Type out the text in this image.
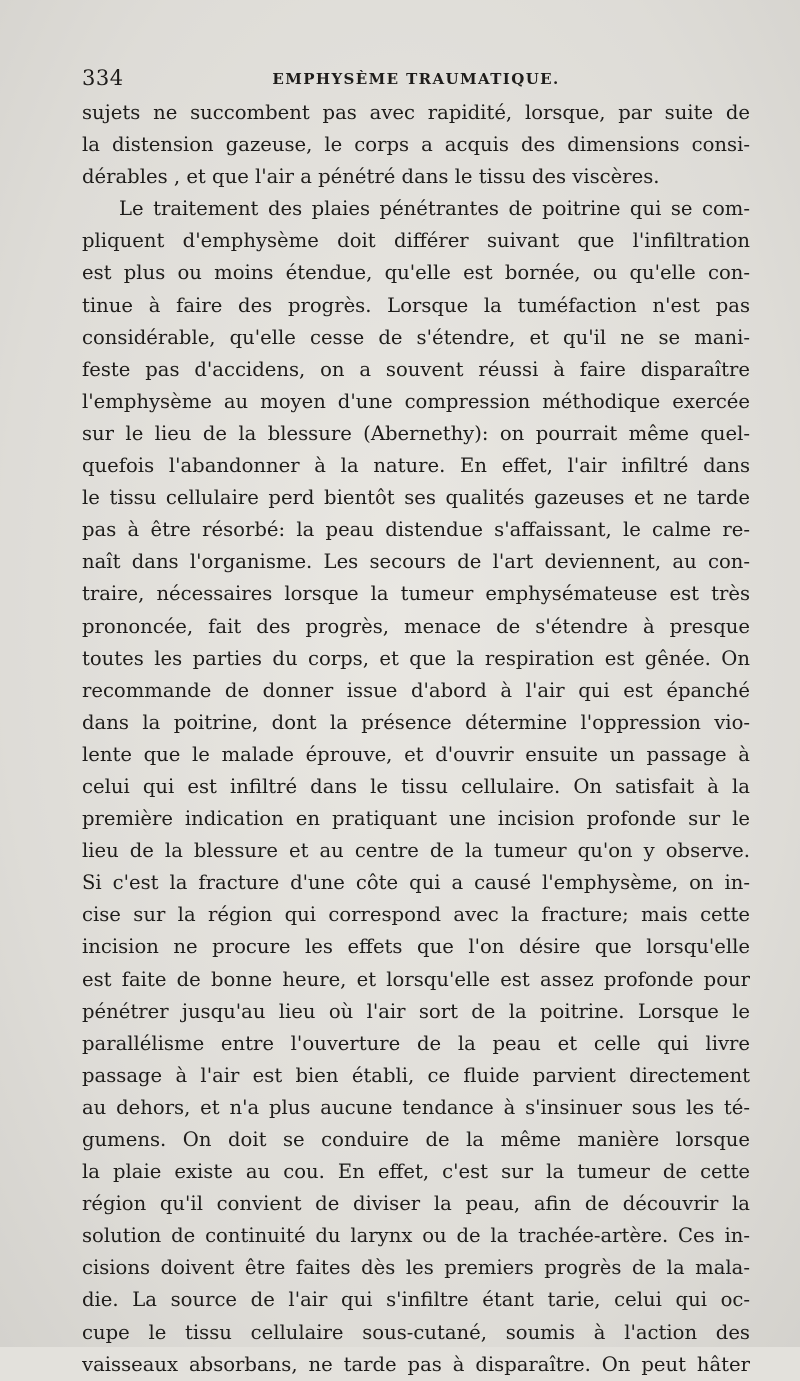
334	EMPHYSÈME TRAUMATIQUE.
sujets ne succombent pas avec rapidité, lorsque, par suite de
la distension gazeuse, le corps a acquis des dimensions consi-
dérables , et que l'air a pénétré dans le tissu des viscères.
Le traitement des plaies pénétrantes de poitrine qui se com-
pliquent d'emphysème doit différer suivant que l'infiltration
est plus ou moins étendue, qu'elle est bornée, ou qu'elle con-
tinue à faire des progrès. Lorsque la tuméfaction n'est pas
considérable, qu'elle cesse de s'étendre, et qu'il ne se mani-
feste pas d'accidens, on a souvent réussi à faire disparaître
l'emphysème au moyen d'une compression méthodique exercée
sur le lieu de la blessure (Abernethy): on pourrait même quel-
quefois l'abandonner à la nature. En effet, l'air infiltré dans
le tissu cellulaire perd bientôt ses qualités gazeuses et ne tarde
pas à être résorbé: la peau distendue s'affaissant, le calme re-
naît dans l'organisme. Les secours de l'art deviennent, au con-
traire, nécessaires lorsque la tumeur emphysémateuse est très
prononcée, fait des progrès, menace de s'étendre à presque
toutes les parties du corps, et que la respiration est gênée. On
recommande de donner issue d'abord à l'air qui est épanché
dans la poitrine, dont la présence détermine l'oppression vio-
lente que le malade éprouve, et d'ouvrir ensuite un passage à
celui qui est infiltré dans le tissu cellulaire. On satisfait à la
première indication en pratiquant une incision profonde sur le
lieu de la blessure et au centre de la tumeur qu'on y observe.
Si c'est la fracture d'une côte qui a causé l'emphysème, on in-
cise sur la région qui correspond avec la fracture; mais cette
incision ne procure les effets que l'on désire que lorsqu'elle
est faite de bonne heure, et lorsqu'elle est assez profonde pour
pénétrer jusqu'au lieu où l'air sort de la poitrine. Lorsque le
parallélisme entre l'ouverture de la peau et celle qui livre
passage à l'air est bien établi, ce fluide parvient directement
au dehors, et n'a plus aucune tendance à s'insinuer sous les té-
gumens. On doit se conduire de la même manière lorsque
la plaie existe au cou. En effet, c'est sur la tumeur de cette
région qu'il convient de diviser la peau, afin de découvrir la
solution de continuité du larynx ou de la trachée-artère. Ces in-
cisions doivent être faites dès les premiers progrès de la mala-
die. La source de l'air qui s'infiltre étant tarie, celui qui oc-
cupe le tissu cellulaire sous-cutané, soumis à l'action des
vaisseaux absorbans, ne tarde pas à disparaître. On peut hâter
